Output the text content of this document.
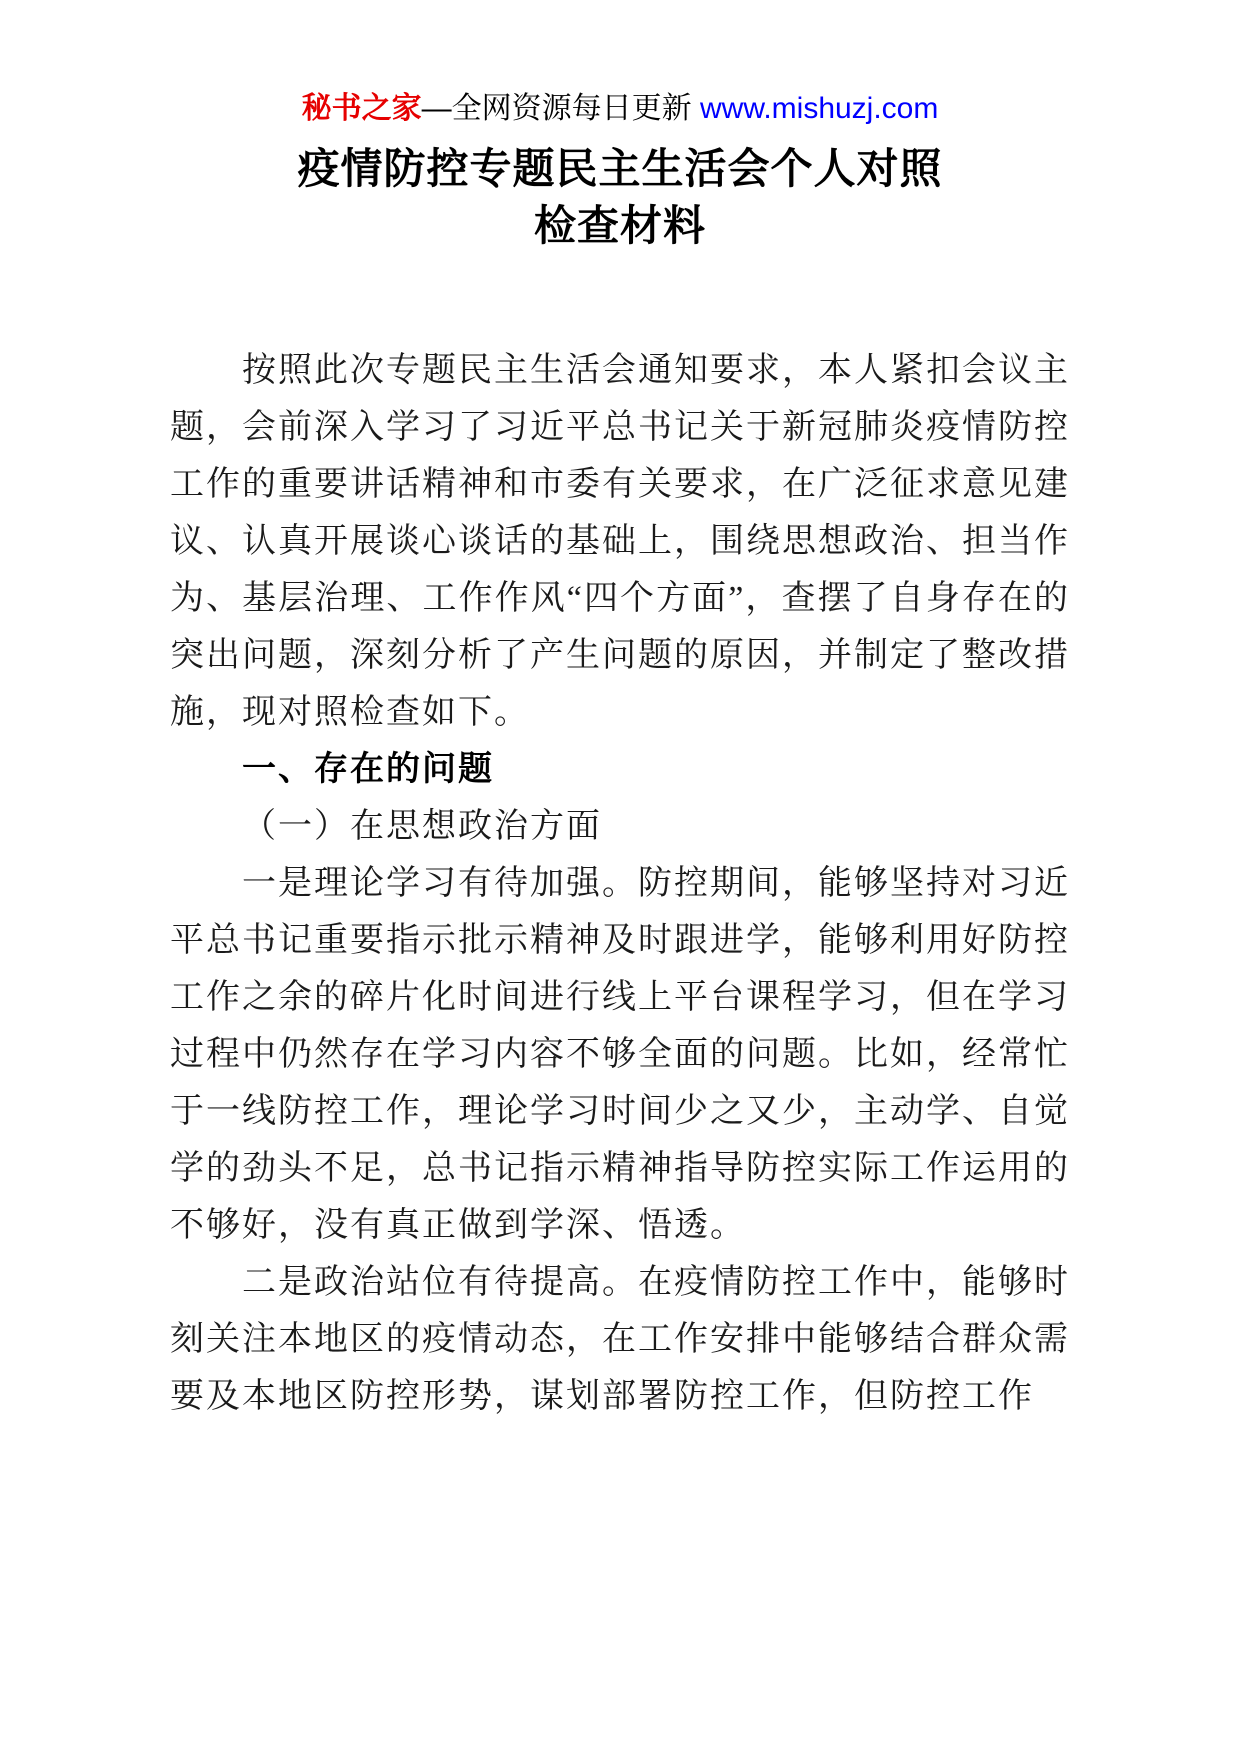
秘书之家—全网资源每日更新 www.mishuzj.com
疫情防控专题民主生活会个人对照
检查材料

按照此次专题民主生活会通知要求，本人紧扣会议主题，会前深入学习了习近平总书记关于新冠肺炎疫情防控工作的重要讲话精神和市委有关要求，在广泛征求意见建议、认真开展谈心谈话的基础上，围绕思想政治、担当作为、基层治理、工作作风“四个方面”，查摆了自身存在的突出问题，深刻分析了产生问题的原因，并制定了整改措施，现对照检查如下。

一、存在的问题

（一）在思想政治方面

一是理论学习有待加强。防控期间，能够坚持对习近平总书记重要指示批示精神及时跟进学，能够利用好防控工作之余的碎片化时间进行线上平台课程学习，但在学习过程中仍然存在学习内容不够全面的问题。比如，经常忙于一线防控工作，理论学习时间少之又少，主动学、自觉学的劲头不足，总书记指示精神指导防控实际工作运用的不够好，没有真正做到学深、悟透。

二是政治站位有待提高。在疫情防控工作中，能够时刻关注本地区的疫情动态，在工作安排中能够结合群众需要及本地区防控形势，谋划部署防控工作，但防控工作
